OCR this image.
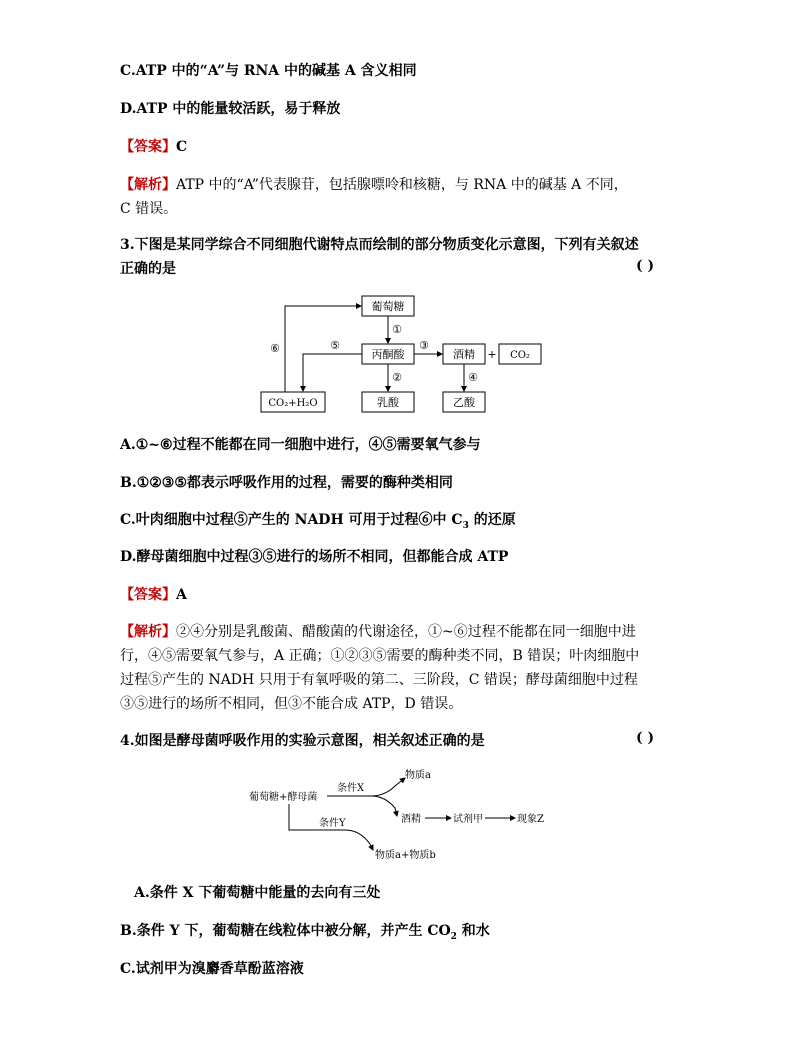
C.ATP 中的“A”与 RNA 中的碱基 A 含义相同
D.ATP 中的能量较活跃，易于释放
【答案】C
【解析】ATP 中的“A”代表腺苷，包括腺嘌呤和核糖，与 RNA 中的碱基 A 不同，
C 错误。
3.下图是某同学综合不同细胞代谢特点而绘制的部分物质变化示意图，下列有关叙述
正确的是	( )
葡萄糖
丙酮酸	酒精 + CO₂
CO₂+H₂O	乳酸	乙酸
①
②
③
④
⑤
⑥
A.①~⑥过程不能都在同一细胞中进行，④⑤需要氧气参与
B.①②③⑤都表示呼吸作用的过程，需要的酶种类相同
C.叶肉细胞中过程⑤产生的 NADH 可用于过程⑥中 $C_3$ 的还原
D.酵母菌细胞中过程③⑤进行的场所不相同，但都能合成 ATP
【答案】A
【解析】②④分别是乳酸菌、醋酸菌的代谢途径，①~⑥过程不能都在同一细胞中进
行，④⑤需要氧气参与，A 正确；①②③⑤需要的酶种类不同，B 错误；叶肉细胞中
过程⑤产生的 NADH 只用于有氧呼吸的第二、三阶段，C 错误；酵母菌细胞中过程
③⑤进行的场所不相同，但③不能合成 ATP，D 错误。
4.如图是酵母菌呼吸作用的实验示意图，相关叙述正确的是	( )
葡萄糖+酵母菌
条件X
物质a
酒精	试剂甲	现象Z
条件Y
物质a+物质b
A.条件 X 下葡萄糖中能量的去向有三处
B.条件 Y 下，葡萄糖在线粒体中被分解，并产生 $CO_2$ 和水
C.试剂甲为溴麝香草酚蓝溶液
